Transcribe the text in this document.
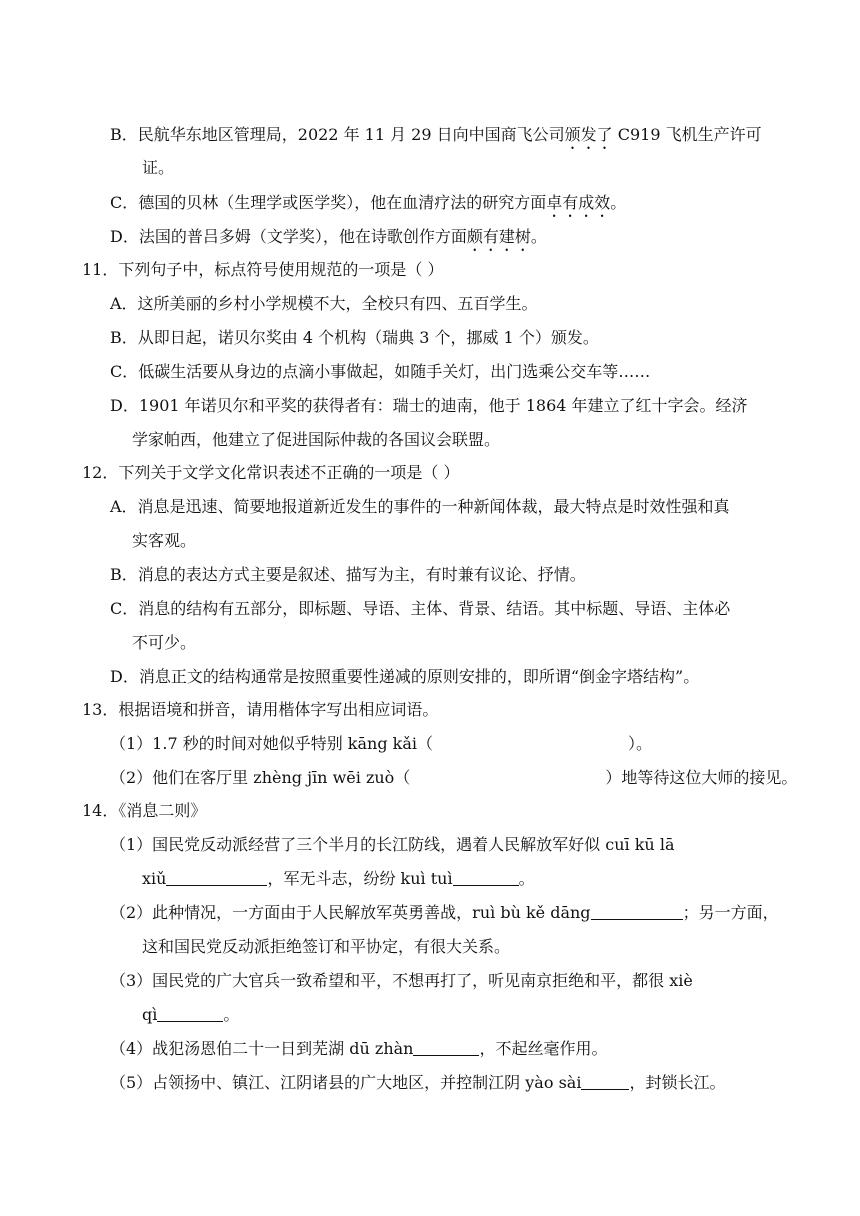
B．民航华东地区管理局，2022 年 11 月 29 日向中国商飞公司颁发了 C919 飞机生产许可
证。
C．德国的贝林（生理学或医学奖），他在血清疗法的研究方面卓有成效。
D．法国的普吕多姆（文学奖），他在诗歌创作方面颇有建树。
11．下列句子中，标点符号使用规范的一项是（ ）
A．这所美丽的乡村小学规模不大，全校只有四、五百学生。
B．从即日起，诺贝尔奖由 4 个机构（瑞典 3 个，挪威 1 个）颁发。
C．低碳生活要从身边的点滴小事做起，如随手关灯，出门选乘公交车等……
D．1901 年诺贝尔和平奖的获得者有：瑞士的迪南，他于 1864 年建立了红十字会。经济
学家帕西，他建立了促进国际仲裁的各国议会联盟。
12．下列关于文学文化常识表述不正确的一项是（ ）
A．消息是迅速、简要地报道新近发生的事件的一种新闻体裁，最大特点是时效性强和真
实客观。
B．消息的表达方式主要是叙述、描写为主，有时兼有议论、抒情。
C．消息的结构有五部分，即标题、导语、主体、背景、结语。其中标题、导语、主体必
不可少。
D．消息正文的结构通常是按照重要性递减的原则安排的，即所谓“倒金字塔结构”。
13．根据语境和拼音，请用楷体字写出相应词语。
（1）1.7 秒的时间对她似乎特别 kāng kǎi（	）。
（2）他们在客厅里 zhèng jīn wēi zuò（	）地等待这位大师的接见。
14．《消息二则》
（1）国民党反动派经营了三个半月的长江防线，遇着人民解放军好似 cuī kū lā
xiǔ	，军无斗志，纷纷 kuì tuì	。
（2）此种情况，一方面由于人民解放军英勇善战，ruì bù kě dāng	；另一方面，
这和国民党反动派拒绝签订和平协定，有很大关系。
（3）国民党的广大官兵一致希望和平，不想再打了，听见南京拒绝和平，都很 xiè
qì	。
（4）战犯汤恩伯二十一日到芜湖 dū zhàn	，不起丝毫作用。
（5）占领扬中、镇江、江阴诸县的广大地区，并控制江阴 yào sài	，封锁长江。
